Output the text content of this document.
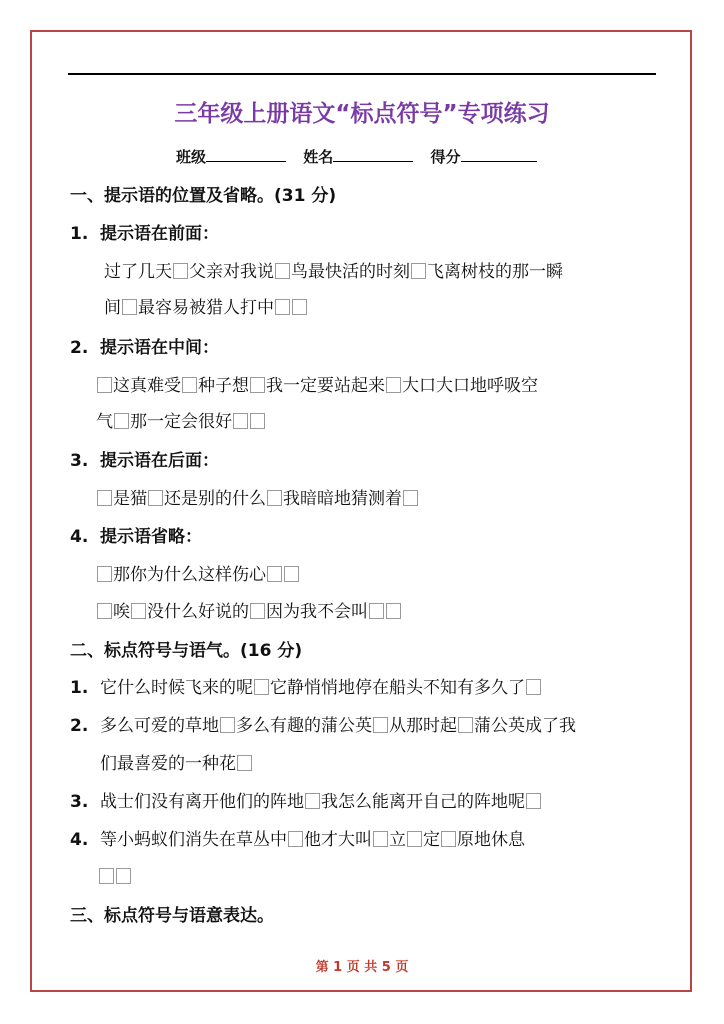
三年级上册语文“标点符号”专项练习
班级	姓名	得分
一、提示语的位置及省略。(31 分)
1. 提示语在前面：
过了几天 父亲对我说 鸟最快活的时刻 飞离树枝的那一瞬
间 最容易被猎人打中
2. 提示语在中间：
这真难受 种子想 我一定要站起来 大口大口地呼吸空
气 那一定会很好
3. 提示语在后面：
是猫 还是别的什么 我暗暗地猜测着
4. 提示语省略：
那你为什么这样伤心
唉 没什么好说的 因为我不会叫
二、标点符号与语气。(16 分)
1. 它什么时候飞来的呢 它静悄悄地停在船头不知有多久了
2. 多么可爱的草地 多么有趣的蒲公英 从那时起 蒲公英成了我
们最喜爱的一种花
3. 战士们没有离开他们的阵地 我怎么能离开自己的阵地呢
4. 等小蚂蚁们消失在草丛中 他才大叫 立 定 原地休息
三、标点符号与语意表达。
第 1 页 共 5 页
